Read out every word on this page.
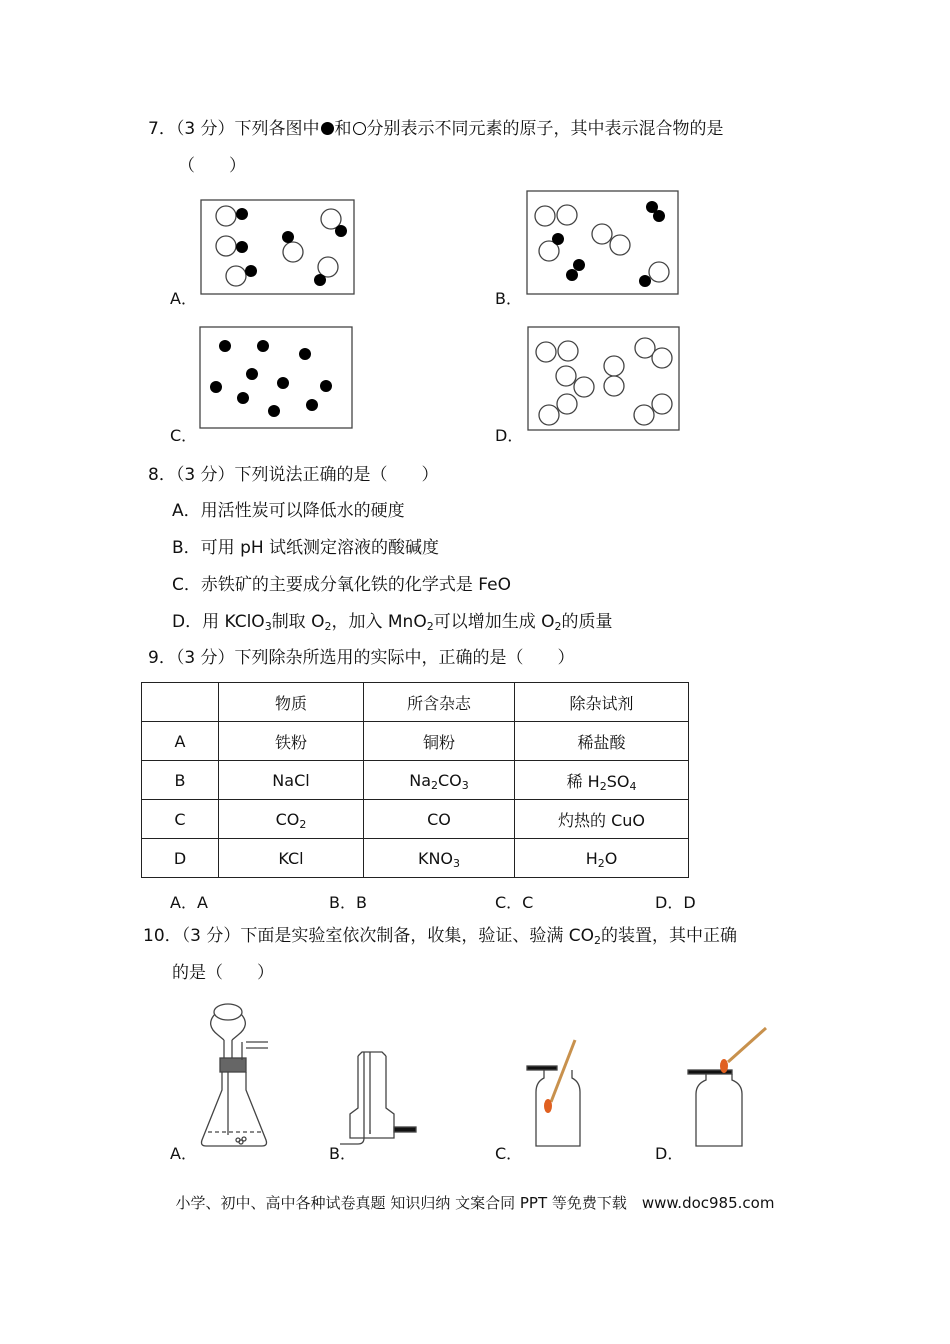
7．（3 分）下列各图中 和 分别表示不同元素的原子，其中表示混合物的是
（　　）
A．	B．
C．	D．
8．（3 分）下列说法正确的是（　　）
A．用活性炭可以降低水的硬度
B．可用 pH 试纸测定溶液的酸碱度
C．赤铁矿的主要成分氧化铁的化学式是 FeO
D．用 KClO$_3$制取 $O_2$，加入 MnO$_2$可以增加生成 $O_2$的质量
9．（3 分）下列除杂所选用的实际中，正确的是（　　）
	物质	所含杂志	除杂试剂
A	铁粉	铜粉	稀盐酸
B	NaCl	$Na_2CO_3$	稀 $H_2SO_4$
C	$CO_2$	CO	灼热的 CuO
D	KCl	$KNO_3$	$H_2O$
A．A	B．B	C．C	D．D
10．（3 分）下面是实验室依次制备，收集，验证、验满 $CO_2$的装置，其中正确
的是（　　）
A．	B．	C．	D．
小学、初中、高中各种试卷真题 知识归纳 文案合同 PPT 等免费下载　www.doc985.com
